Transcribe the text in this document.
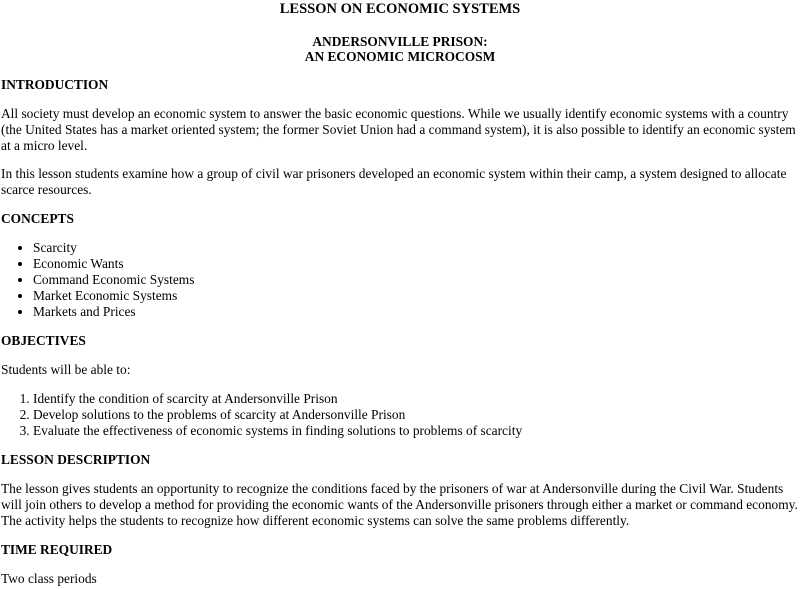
LESSON ON ECONOMIC SYSTEMS
ANDERSONVILLE PRISON:
AN ECONOMIC MICROCOSM
INTRODUCTION

All society must develop an economic system to answer the basic economic questions. While we usually identify economic systems with a country (the United States has a market oriented system; the former Soviet Union had a command system), it is also possible to identify an economic system at a micro level.

In this lesson students examine how a group of civil war prisoners developed an economic system within their camp, a system designed to allocate scarce resources.

CONCEPTS
• Scarcity
• Economic Wants
• Command Economic Systems
• Market Economic Systems
• Markets and Prices
OBJECTIVES

Students will be able to:

1. Identify the condition of scarcity at Andersonville Prison
2. Develop solutions to the problems of scarcity at Andersonville Prison
3. Evaluate the effectiveness of economic systems in finding solutions to problems of scarcity
LESSON DESCRIPTION

The lesson gives students an opportunity to recognize the conditions faced by the prisoners of war at Andersonville during the Civil War. Students will join others to develop a method for providing the economic wants of the Andersonville prisoners through either a market or command economy. The activity helps the students to recognize how different economic systems can solve the same problems differently.

TIME REQUIRED

Two class periods
